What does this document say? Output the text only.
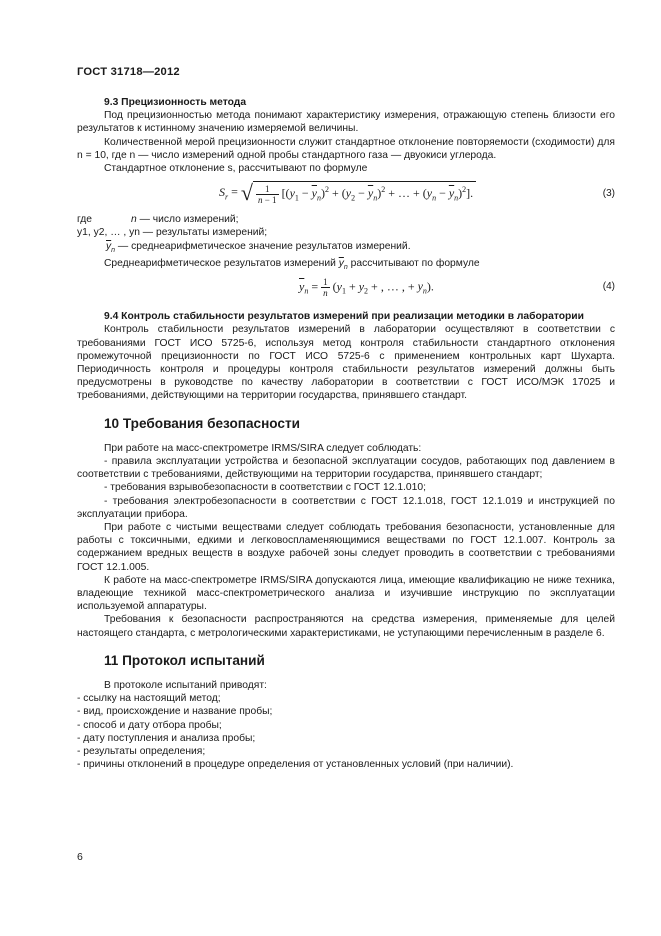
ГОСТ 31718—2012

9.3 Прецизионность метода

Под прецизионностью метода понимают характеристику измерения, отражающую степень близости его результатов к истинному значению измеряемой величины.

Количественной мерой прецизионности служит стандартное отклонение повторяемости (сходимости) для n = 10, где n — число измерений одной пробы стандартного газа — двуокиси углерода.

Стандартное отклонение s, рассчитывают по формуле

$S_r$ = √ $\frac{1}{n - 1} [(y_1 - \overline{y}_n)^2 + (y_2 - \overline{y}_n)^2$ + … + $(y_n - \overline{y}_n)^2$].	(3)
где	n — число измерений;
y1, y2, … , yn — результаты измерений;
$\overline{y}_n$ — среднеарифметическое значение результатов измерений.

Среднеарифметическое результатов измерений $\overline{y}_n$ рассчитывают по формуле

$\overline{y}_n = \frac{1}{n} (y_1 + y_2$ + , … , + $y_n$).	(4)

9.4 Контроль стабильности результатов измерений при реализации методики в лаборатории

Контроль стабильности результатов измерений в лаборатории осуществляют в соответствии с требованиями ГОСТ ИСО 5725-6, используя метод контроля стабильности стандартного отклонения промежуточной прецизионности по ГОСТ ИСО 5725-6 с применением контрольных карт Шухарта. Периодичность контроля и процедуры контроля стабильности результатов измерений должны быть предусмотрены в руководстве по качеству лаборатории в соответствии с ГОСТ ИСО/МЭК 17025 и требованиями, действующими на территории государства, принявшего стандарт.

10 Требования безопасности

При работе на масс-спектрометре IRMS/SIRA следует соблюдать:

- правила эксплуатации устройства и безопасной эксплуатации сосудов, работающих под давлением в соответствии с требованиями, действующими на территории государства, принявшего стандарт;

- требования взрывобезопасности в соответствии с ГОСТ 12.1.010;

- требования электробезопасности в соответствии с ГОСТ 12.1.018, ГОСТ 12.1.019 и инструкцией по эксплуатации прибора.

При работе с чистыми веществами следует соблюдать требования безопасности, установленные для работы с токсичными, едкими и легковоспламеняющимися веществами по ГОСТ 12.1.007. Контроль за содержанием вредных веществ в воздухе рабочей зоны следует проводить в соответствии с требованиями ГОСТ 12.1.005.

К работе на масс-спектрометре IRMS/SIRA допускаются лица, имеющие квалификацию не ниже техника, владеющие техникой масс-спектрометрического анализа и изучившие инструкцию по эксплуатации используемой аппаратуры.

Требования к безопасности распространяются на средства измерения, применяемые для целей настоящего стандарта, с метрологическими характеристиками, не уступающими перечисленным в разделе 6.

11 Протокол испытаний

В протоколе испытаний приводят:

- ссылку на настоящий метод;
- вид, происхождение и название пробы;
- способ и дату отбора пробы;
- дату поступления и анализа пробы;
- результаты определения;
- причины отклонений в процедуре определения от установленных условий (при наличии).
6
